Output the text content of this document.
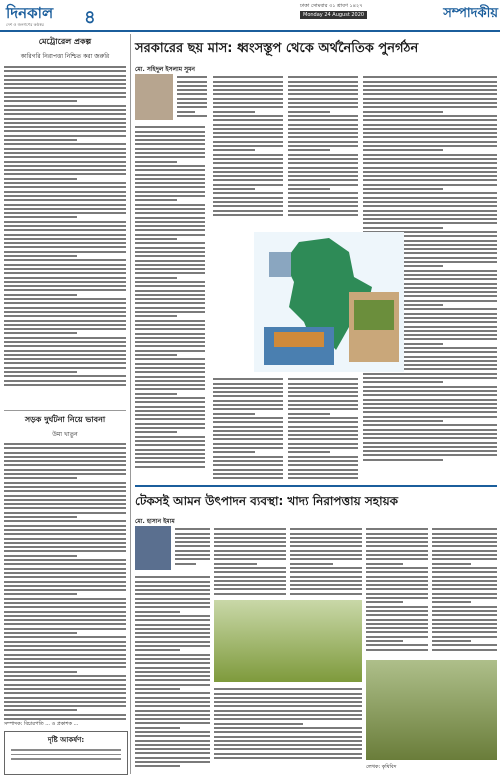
দিনকাল
দেশ ও জনগণের কণ্ঠস্বর ৪
ঢাকা সোমবার ৩১ শ্রাবণ ১৪২৭
Monday 24 August 2020	সম্পাদকীয়
মেট্রোরেল প্রকল্প
কারিগরি নিরাপত্তা নিশ্চিত করা জরুরি
সড়ক দুর্ঘটনা নিয়ে ভাবনা
উমা খাতুন
সম্পাদক: বিচারপতি ... ও প্রকাশক ...
দৃষ্টি আকর্ষণ:
সরকারের ছয় মাস: ধ্বংসস্তূপ থেকে অর্থনৈতিক পুনর্গঠন
মো. সহিদুল ইসলাম সুমন
টেকসই আমন উৎপাদন ব্যবস্থা: খাদ্য নিরাপত্তায় সহায়ক
মো. হাসান ইমাম
লেখক: কৃষিবিদ
